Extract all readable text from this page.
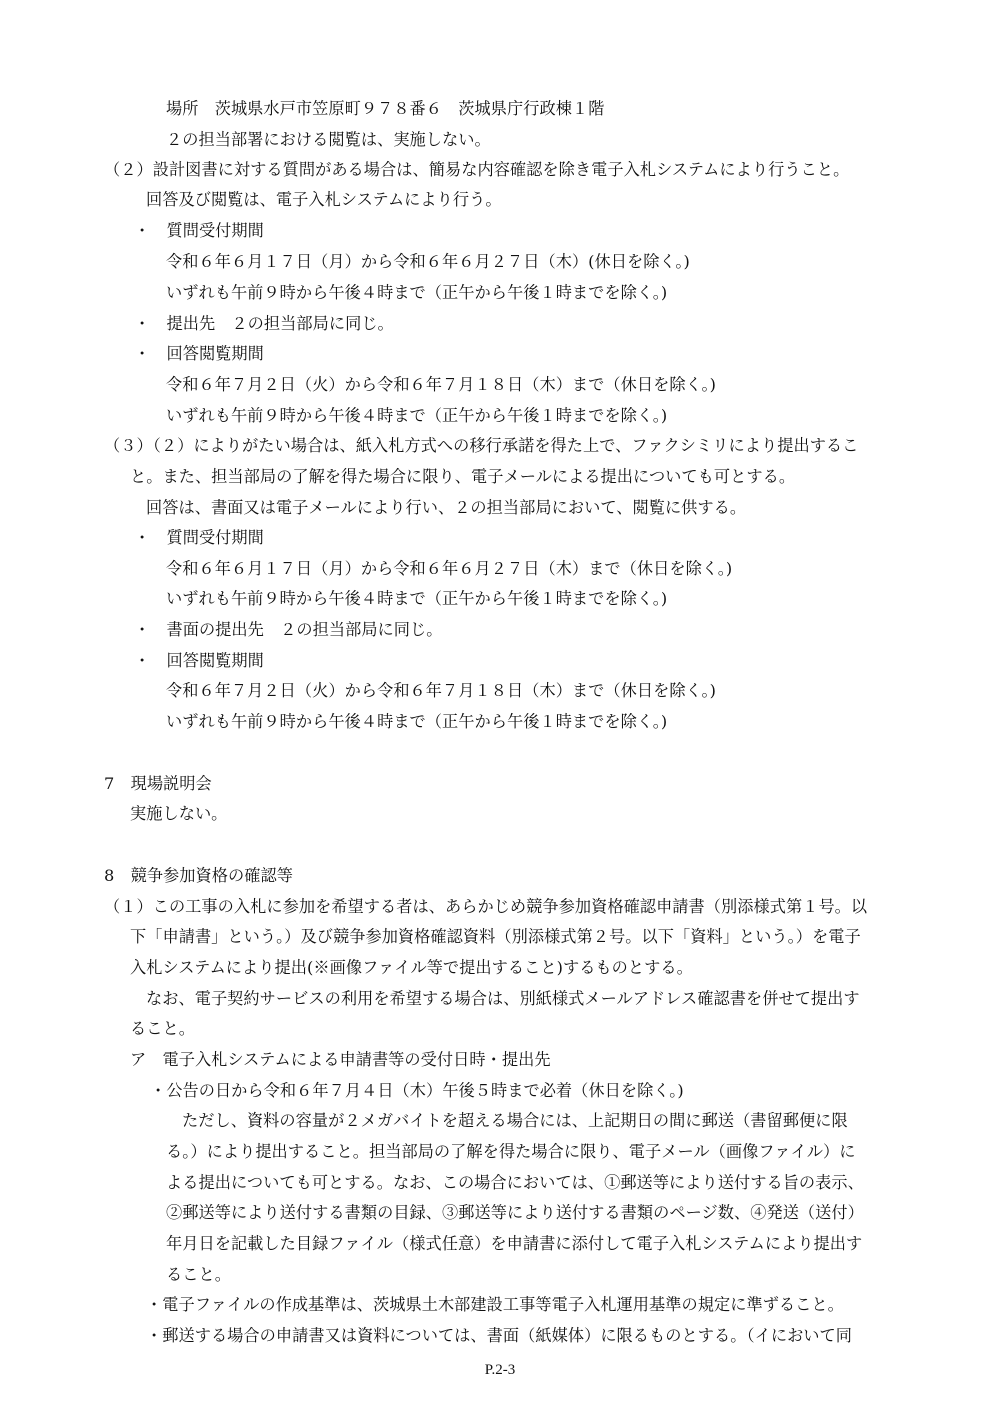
場所　茨城県水戸市笠原町９７８番６　茨城県庁行政棟１階
２の担当部署における閲覧は、実施しない。
（２）設計図書に対する質問がある場合は、簡易な内容確認を除き電子入札システムにより行うこと。
回答及び閲覧は、電子入札システムにより行う。
・　質問受付期間
令和６年６月１７日（月）から令和６年６月２７日（木）(休日を除く。)
いずれも午前９時から午後４時まで（正午から午後１時までを除く。)
・　提出先　２の担当部局に同じ。
・　回答閲覧期間
令和６年７月２日（火）から令和６年７月１８日（木）まで（休日を除く。)
いずれも午前９時から午後４時まで（正午から午後１時までを除く。)
（３）（２）によりがたい場合は、紙入札方式への移行承諾を得た上で、ファクシミリにより提出するこ
と。また、担当部局の了解を得た場合に限り、電子メールによる提出についても可とする。
回答は、書面又は電子メールにより行い、２の担当部局において、閲覧に供する。
・　質問受付期間
令和６年６月１７日（月）から令和６年６月２７日（木）まで（休日を除く。)
いずれも午前９時から午後４時まで（正午から午後１時までを除く。)
・　書面の提出先　２の担当部局に同じ。
・　回答閲覧期間
令和６年７月２日（火）から令和６年７月１８日（木）まで（休日を除く。)
いずれも午前９時から午後４時まで（正午から午後１時までを除く。)
7　現場説明会
実施しない。
8　競争参加資格の確認等
（１）この工事の入札に参加を希望する者は、あらかじめ競争参加資格確認申請書（別添様式第１号。以
下「申請書」という。）及び競争参加資格確認資料（別添様式第２号。以下「資料」という。）を電子
入札システムにより提出(※画像ファイル等で提出すること)するものとする。
なお、電子契約サービスの利用を希望する場合は、別紙様式メールアドレス確認書を併せて提出す
ること。
ア　電子入札システムによる申請書等の受付日時・提出先
・公告の日から令和６年７月４日（木）午後５時まで必着（休日を除く。)
ただし、資料の容量が２メガバイトを超える場合には、上記期日の間に郵送（書留郵便に限
る。）により提出すること。担当部局の了解を得た場合に限り、電子メール（画像ファイル）に
よる提出についても可とする。なお、この場合においては、①郵送等により送付する旨の表示、
②郵送等により送付する書類の目録、③郵送等により送付する書類のページ数、④発送（送付）
年月日を記載した目録ファイル（様式任意）を申請書に添付して電子入札システムにより提出す
ること。
・電子ファイルの作成基準は、茨城県土木部建設工事等電子入札運用基準の規定に準ずること。
・郵送する場合の申請書又は資料については、書面（紙媒体）に限るものとする。（イにおいて同
P.2-3
